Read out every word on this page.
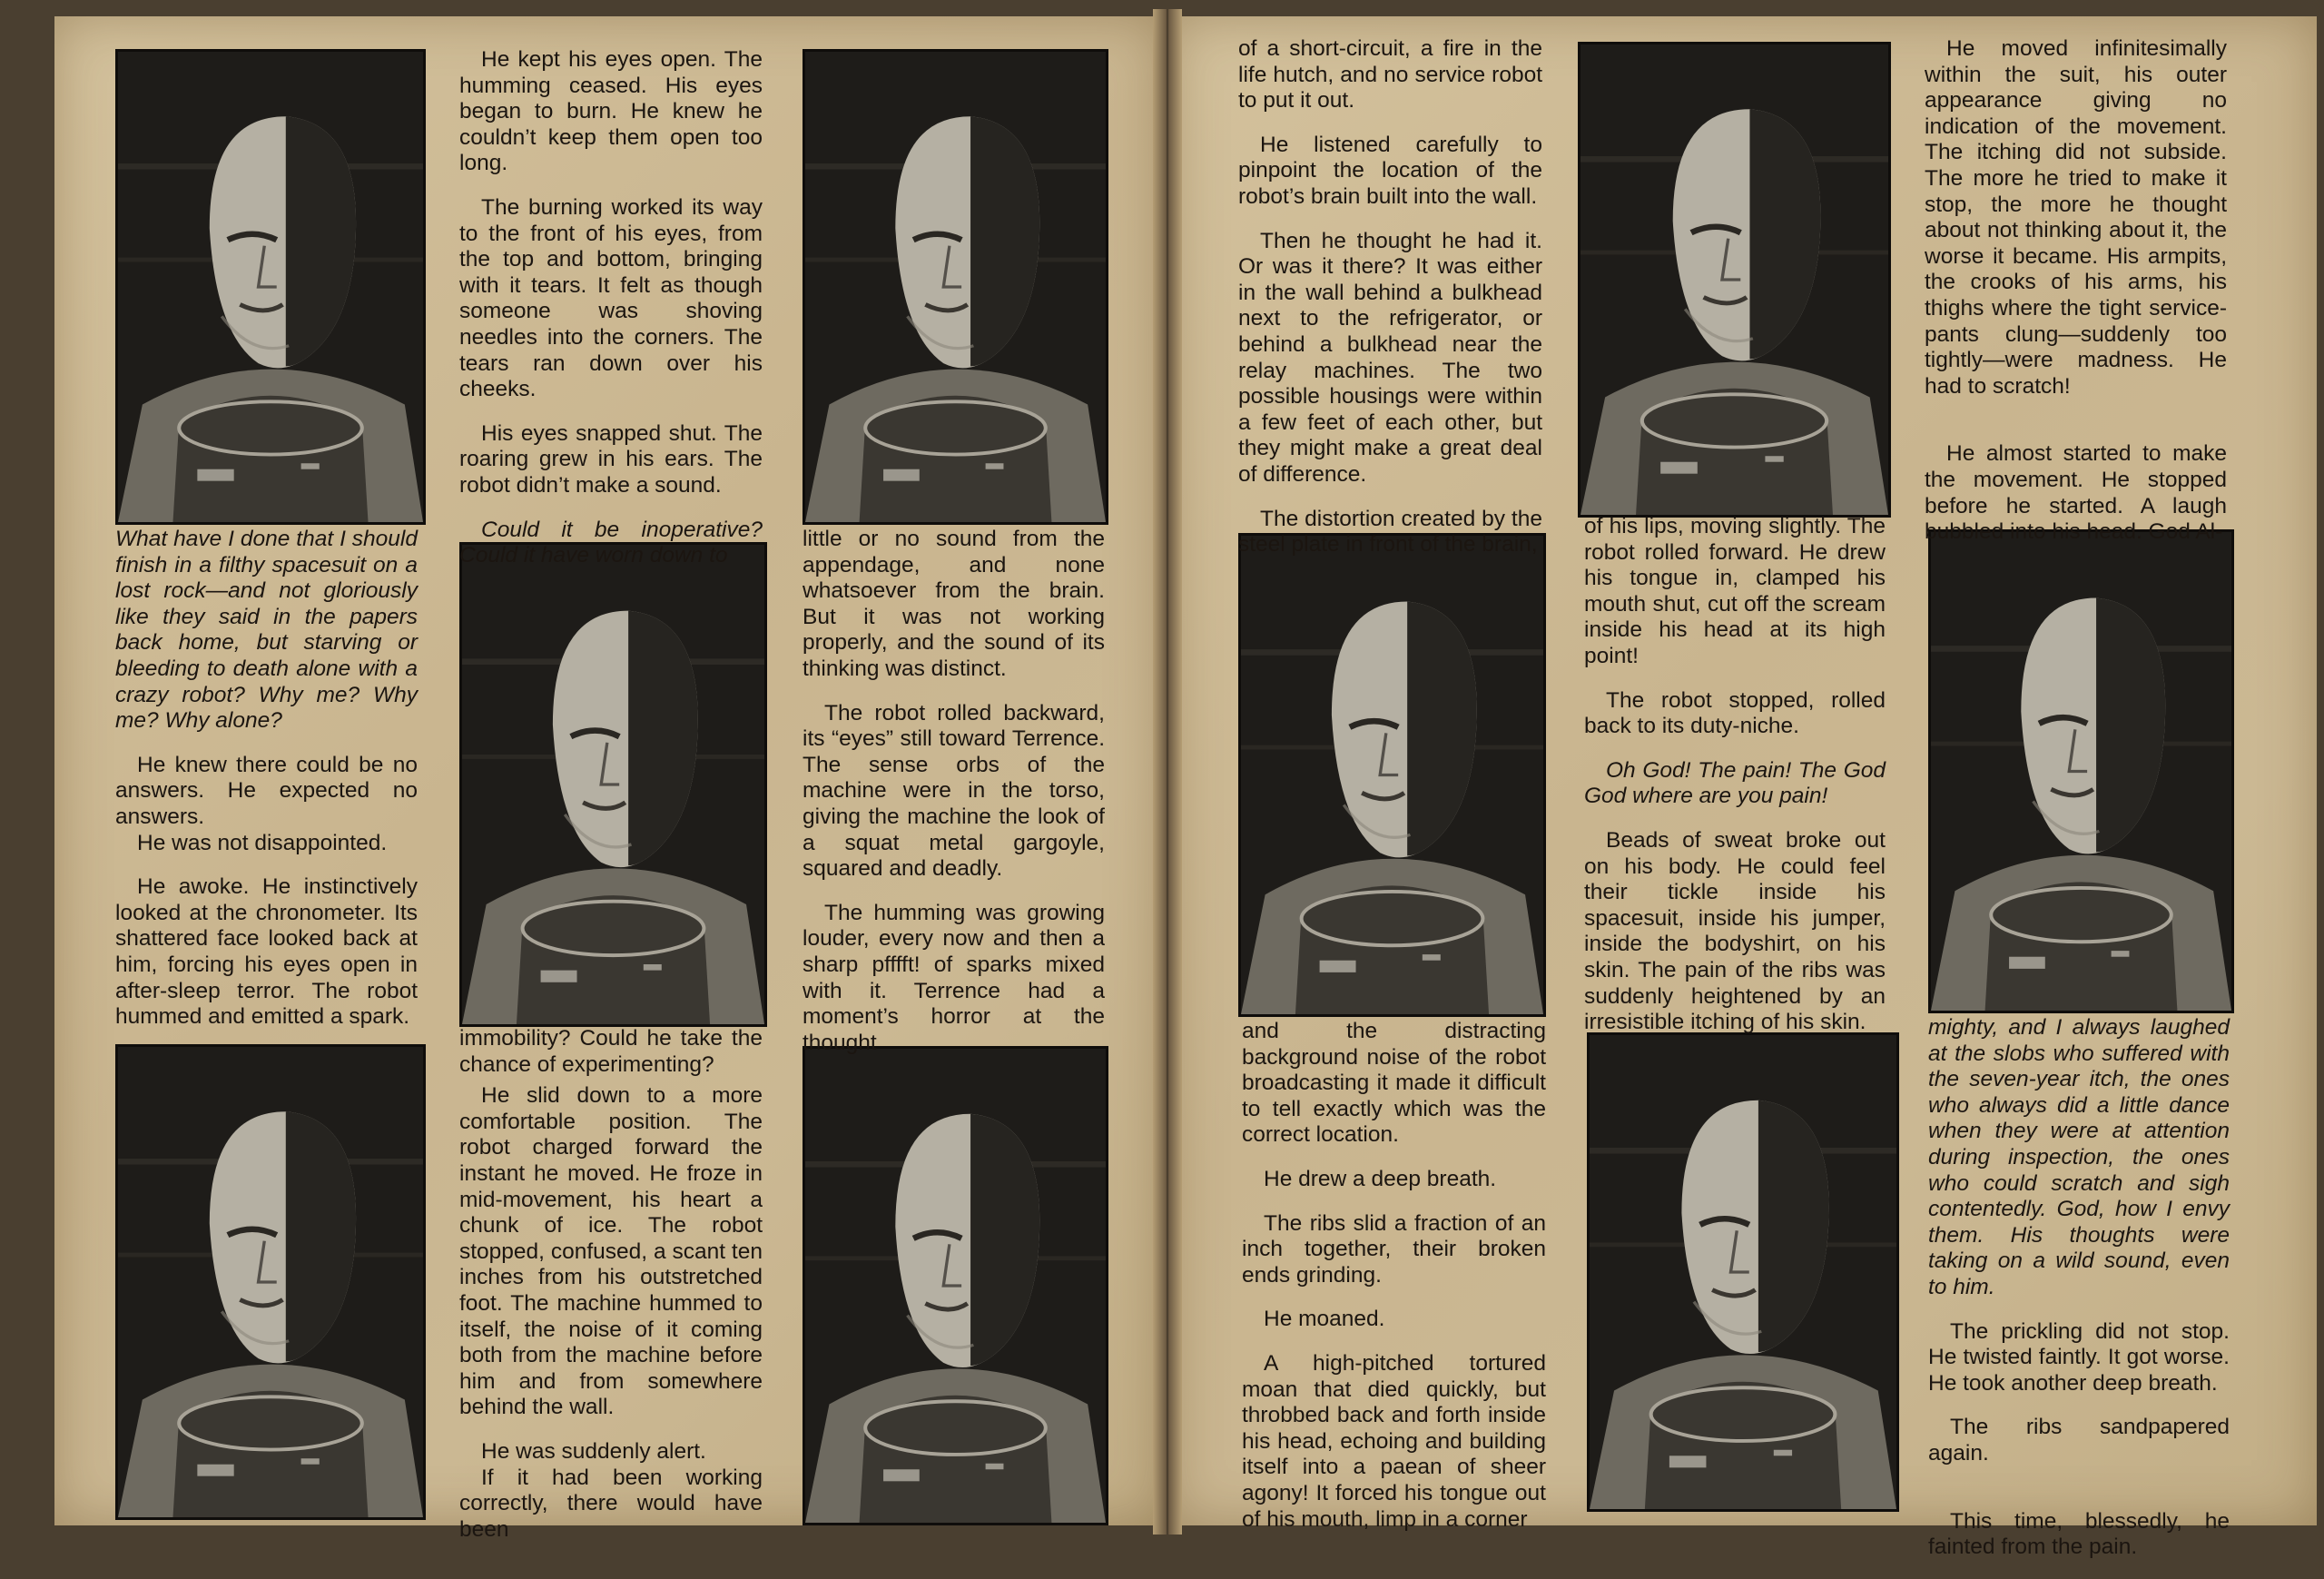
What have I done that I should finish in a filthy spacesuit on a lost rock—and not gloriously like they said in the papers back home, but starving or bleeding to death alone with a crazy robot? Why me? Why me? Why alone?

He knew there could be no answers. He expected no answers.

He was not disappointed.

He awoke. He instinctively looked at the chronometer. Its shattered face looked back at him, forcing his eyes open in after-sleep terror. The robot hummed and emitted a spark.

He kept his eyes open. The humming ceased. His eyes began to burn. He knew he couldn’t keep them open too long.

The burning worked its way to the front of his eyes, from the top and bottom, bringing with it tears. It felt as though someone was shoving needles into the corners. The tears ran down over his cheeks.

His eyes snapped shut. The roaring grew in his ears. The robot didn’t make a sound.

Could it be inoperative? Could it have worn down to

immobility? Could he take the chance of experimenting?

He slid down to a more comfortable position. The robot charged forward the instant he moved. He froze in mid-movement, his heart a chunk of ice. The robot stopped, confused, a scant ten inches from his outstretched foot. The machine hummed to itself, the noise of it coming both from the machine before him and from somewhere behind the wall.

He was suddenly alert.

If it had been working correctly, there would have been

little or no sound from the appendage, and none whatsoever from the brain. But it was not working properly, and the sound of its thinking was distinct.

The robot rolled backward, its “eyes” still toward Terrence. The sense orbs of the machine were in the torso, giving the machine the look of a squat metal gargoyle, squared and deadly.

The humming was growing louder, every now and then a sharp pfffft! of sparks mixed with it. Terrence had a moment’s horror at the thought

of a short-circuit, a fire in the life hutch, and no service robot to put it out.

He listened carefully to pinpoint the location of the robot’s brain built into the wall.

Then he thought he had it. Or was it there? It was either in the wall behind a bulkhead next to the refrigerator, or behind a bulkhead near the relay machines. The two possible housings were within a few feet of each other, but they might make a great deal of difference.

The distortion created by the steel plate in front of the brain,

and the distracting background noise of the robot broadcasting it made it difficult to tell exactly which was the correct location.

He drew a deep breath.

The ribs slid a fraction of an inch together, their broken ends grinding.

He moaned.

A high-pitched tortured moan that died quickly, but throbbed back and forth inside his head, echoing and building itself into a paean of sheer agony! It forced his tongue out of his mouth, limp in a corner

of his lips, moving slightly. The robot rolled forward. He drew his tongue in, clamped his mouth shut, cut off the scream inside his head at its high point!

The robot stopped, rolled back to its duty-niche.

Oh God! The pain! The God God where are you pain!

Beads of sweat broke out on his body. He could feel their tickle inside his spacesuit, inside his jumper, inside the bodyshirt, on his skin. The pain of the ribs was suddenly heightened by an irresistible itching of his skin.

He moved infinitesimally within the suit, his outer appearance giving no indication of the movement. The itching did not subside. The more he tried to make it stop, the more he thought about not thinking about it, the worse it became. His armpits, the crooks of his arms, his thighs where the tight service-pants clung—suddenly too tightly—were madness. He had to scratch!

He almost started to make the movement. He stopped before he started. A laugh bubbled into his head. God Al-

mighty, and I always laughed at the slobs who suffered with the seven-year itch, the ones who always did a little dance when they were at attention during inspection, the ones who could scratch and sigh contentedly. God, how I envy them. His thoughts were taking on a wild sound, even to him.

The prickling did not stop. He twisted faintly. It got worse. He took another deep breath.

The ribs sandpapered again.

This time, blessedly, he fainted from the pain.
